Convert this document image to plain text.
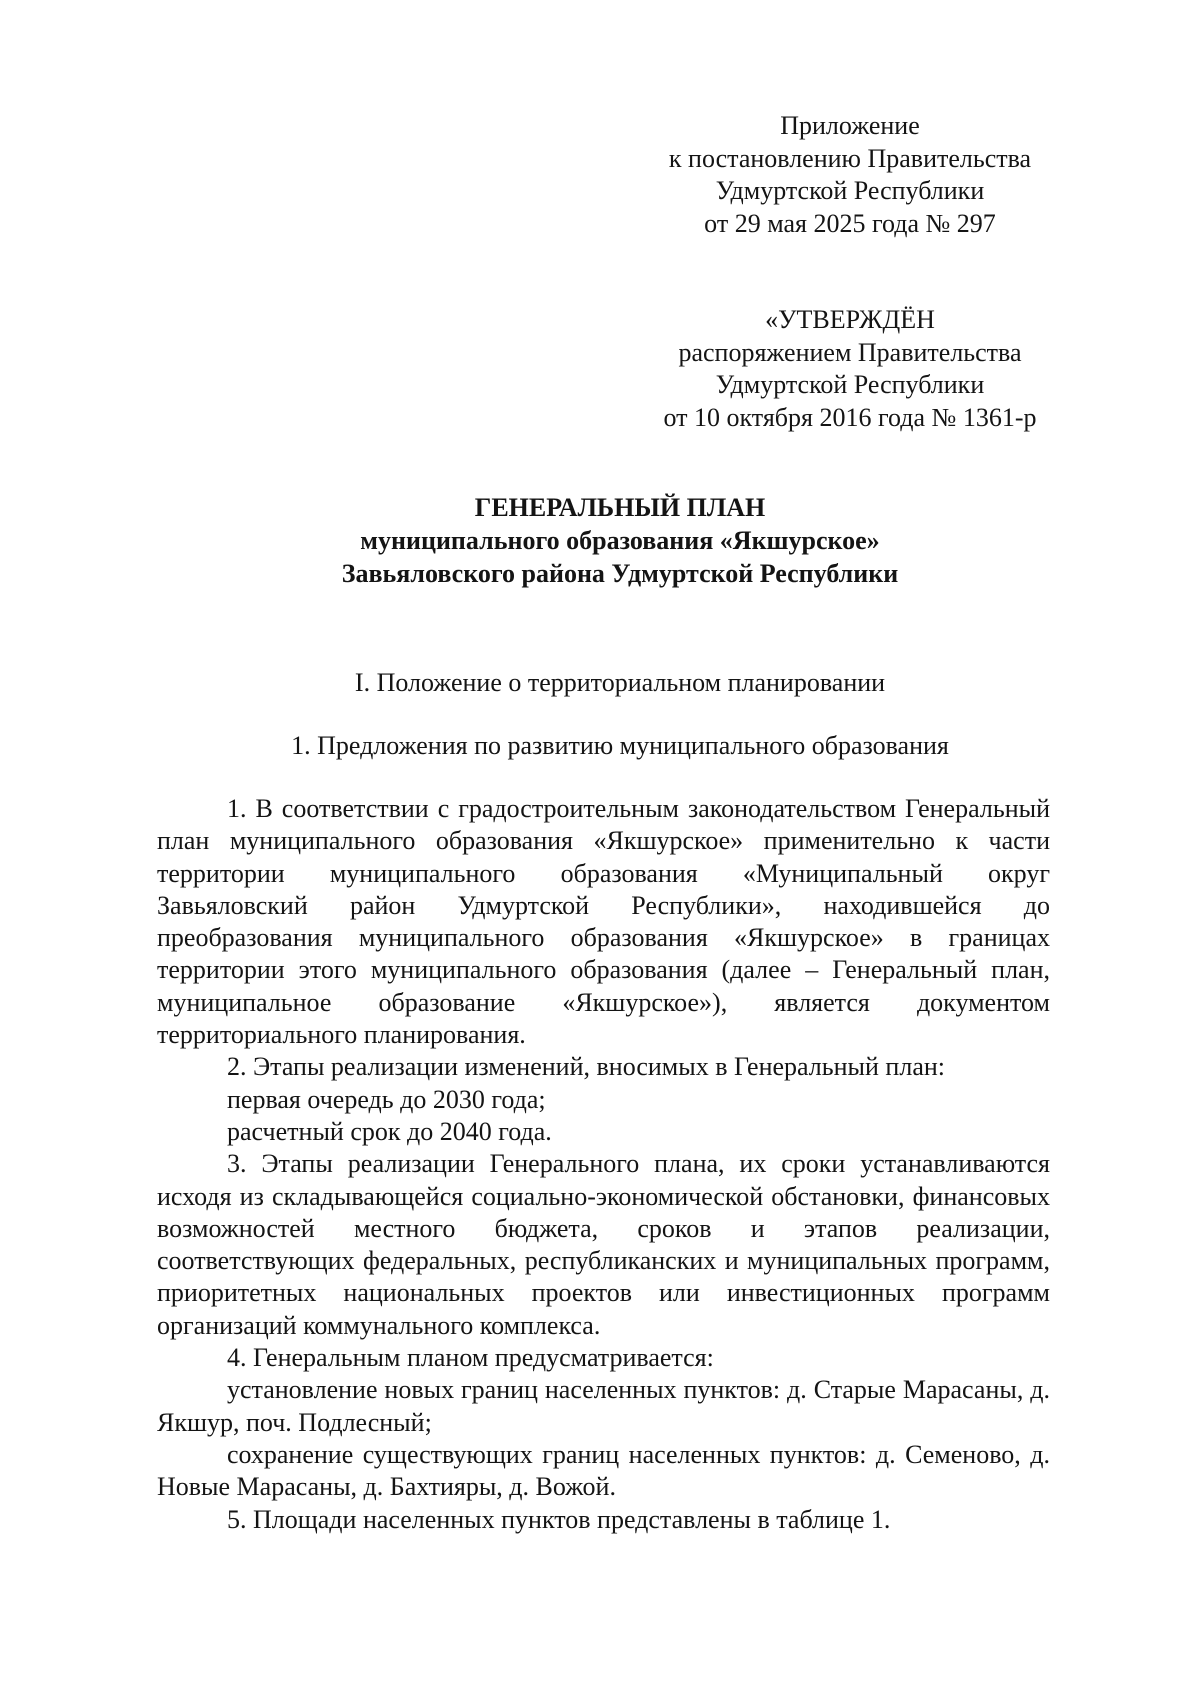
Приложение
к постановлению Правительства
Удмуртской Республики
от 29 мая 2025 года № 297
«УТВЕРЖДЁН
распоряжением Правительства
Удмуртской Республики
от 10 октября 2016 года № 1361-р
ГЕНЕРАЛЬНЫЙ ПЛАН
муниципального образования «Якшурское»
Завьяловского района Удмуртской Республики
I. Положение о территориальном планировании
1. Предложения по развитию муниципального образования

1. В соответствии с градостроительным законодательством Генеральный план муниципального образования «Якшурское» применительно к части территории муниципального образования «Муниципальный округ Завьяловский район Удмуртской Республики», находившейся до преобразования муниципального образования «Якшурское» в границах территории этого муниципального образования (далее – Генеральный план, муниципальное образование «Якшурское»), является документом территориального планирования.

2. Этапы реализации изменений, вносимых в Генеральный план:

первая очередь до 2030 года;

расчетный срок до 2040 года.

3. Этапы реализации Генерального плана, их сроки устанавливаются исходя из складывающейся социально-экономической обстановки, финансовых возможностей местного бюджета, сроков и этапов реализации, соответствующих федеральных, республиканских и муниципальных программ, приоритетных национальных проектов или инвестиционных программ организаций коммунального комплекса.

4. Генеральным планом предусматривается:

установление новых границ населенных пунктов: д. Старые Марасаны, д. Якшур, поч. Подлесный;

сохранение существующих границ населенных пунктов: д. Семеново, д. Новые Марасаны, д. Бахтияры, д. Вожой.

5. Площади населенных пунктов представлены в таблице 1.
